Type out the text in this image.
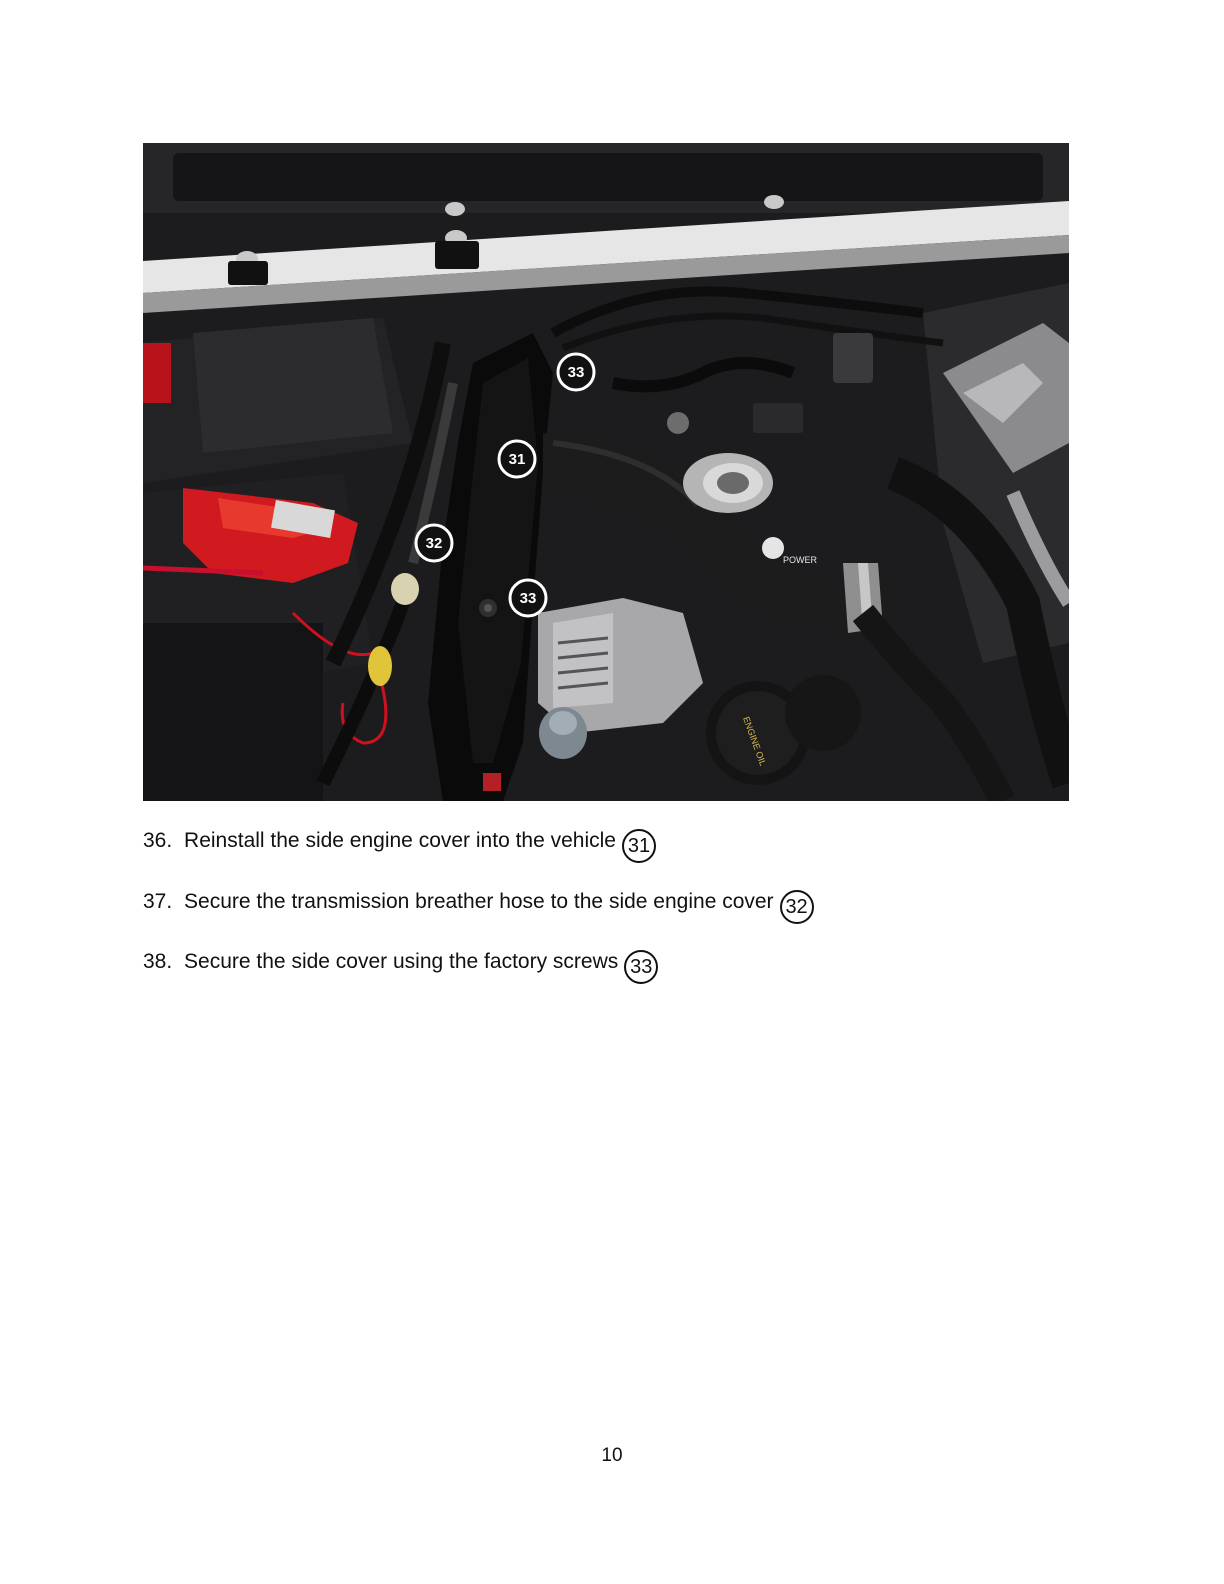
POWER
ENGINE OIL
33
31
32
33
36. Reinstall the side engine cover into the vehicle 31
37. Secure the transmission breather hose to the side engine cover 32
38. Secure the side cover using the factory screws 33
10
